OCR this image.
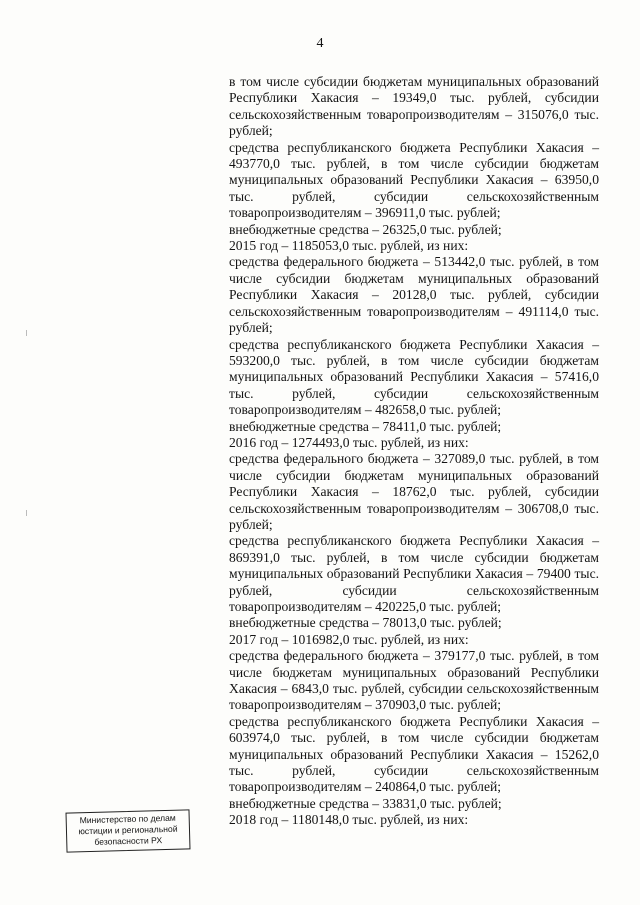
4

в том числе субсидии бюджетам муниципальных образований Республики Хакасия – 19349,0 тыс. рублей, субсидии сельскохозяйственным товаропроизводителям – 315076,0 тыс. рублей;

средства республиканского бюджета Республики Хакасия – 493770,0 тыс. рублей, в том числе субсидии бюджетам муниципальных образований Республики Хакасия – 63950,0 тыс. рублей, субсидии сельскохозяйственным товаропроизводителям – 396911,0 тыс. рублей;

внебюджетные средства – 26325,0 тыс. рублей;

2015 год – 1185053,0 тыс. рублей, из них:

средства федерального бюджета – 513442,0 тыс. рублей, в том числе субсидии бюджетам муниципальных образований Республики Хакасия – 20128,0 тыс. рублей, субсидии сельскохозяйственным товаропроизводителям – 491114,0 тыс. рублей;

средства республиканского бюджета Республики Хакасия – 593200,0 тыс. рублей, в том числе субсидии бюджетам муниципальных образований Республики Хакасия – 57416,0 тыс. рублей, субсидии сельскохозяйственным товаропроизводителям – 482658,0 тыс. рублей;

внебюджетные средства – 78411,0 тыс. рублей;

2016 год – 1274493,0 тыс. рублей, из них:

средства федерального бюджета – 327089,0 тыс. рублей, в том числе субсидии бюджетам муниципальных образований Республики Хакасия – 18762,0 тыс. рублей, субсидии сельскохозяйственным товаропроизводителям – 306708,0 тыс. рублей;

средства республиканского бюджета Республики Хакасия – 869391,0 тыс. рублей, в том числе субсидии бюджетам муниципальных образований Республики Хакасия – 79400 тыс. рублей, субсидии сельскохозяйственным товаропроизводителям – 420225,0 тыс. рублей;

внебюджетные средства – 78013,0 тыс. рублей;

2017 год – 1016982,0 тыс. рублей, из них:

средства федерального бюджета – 379177,0 тыс. рублей, в том числе бюджетам муниципальных образований Республики Хакасия – 6843,0 тыс. рублей, субсидии сельскохозяйственным товаропроизводителям – 370903,0 тыс. рублей;

средства республиканского бюджета Республики Хакасия – 603974,0 тыс. рублей, в том числе субсидии бюджетам муниципальных образований Республики Хакасия – 15262,0 тыс. рублей, субсидии сельскохозяйственным товаропроизводителям – 240864,0 тыс. рублей;

внебюджетные средства – 33831,0 тыс. рублей;

2018 год – 1180148,0 тыс. рублей, из них:

Министерство по делам
юстиции и региональной
безопасности РХ
